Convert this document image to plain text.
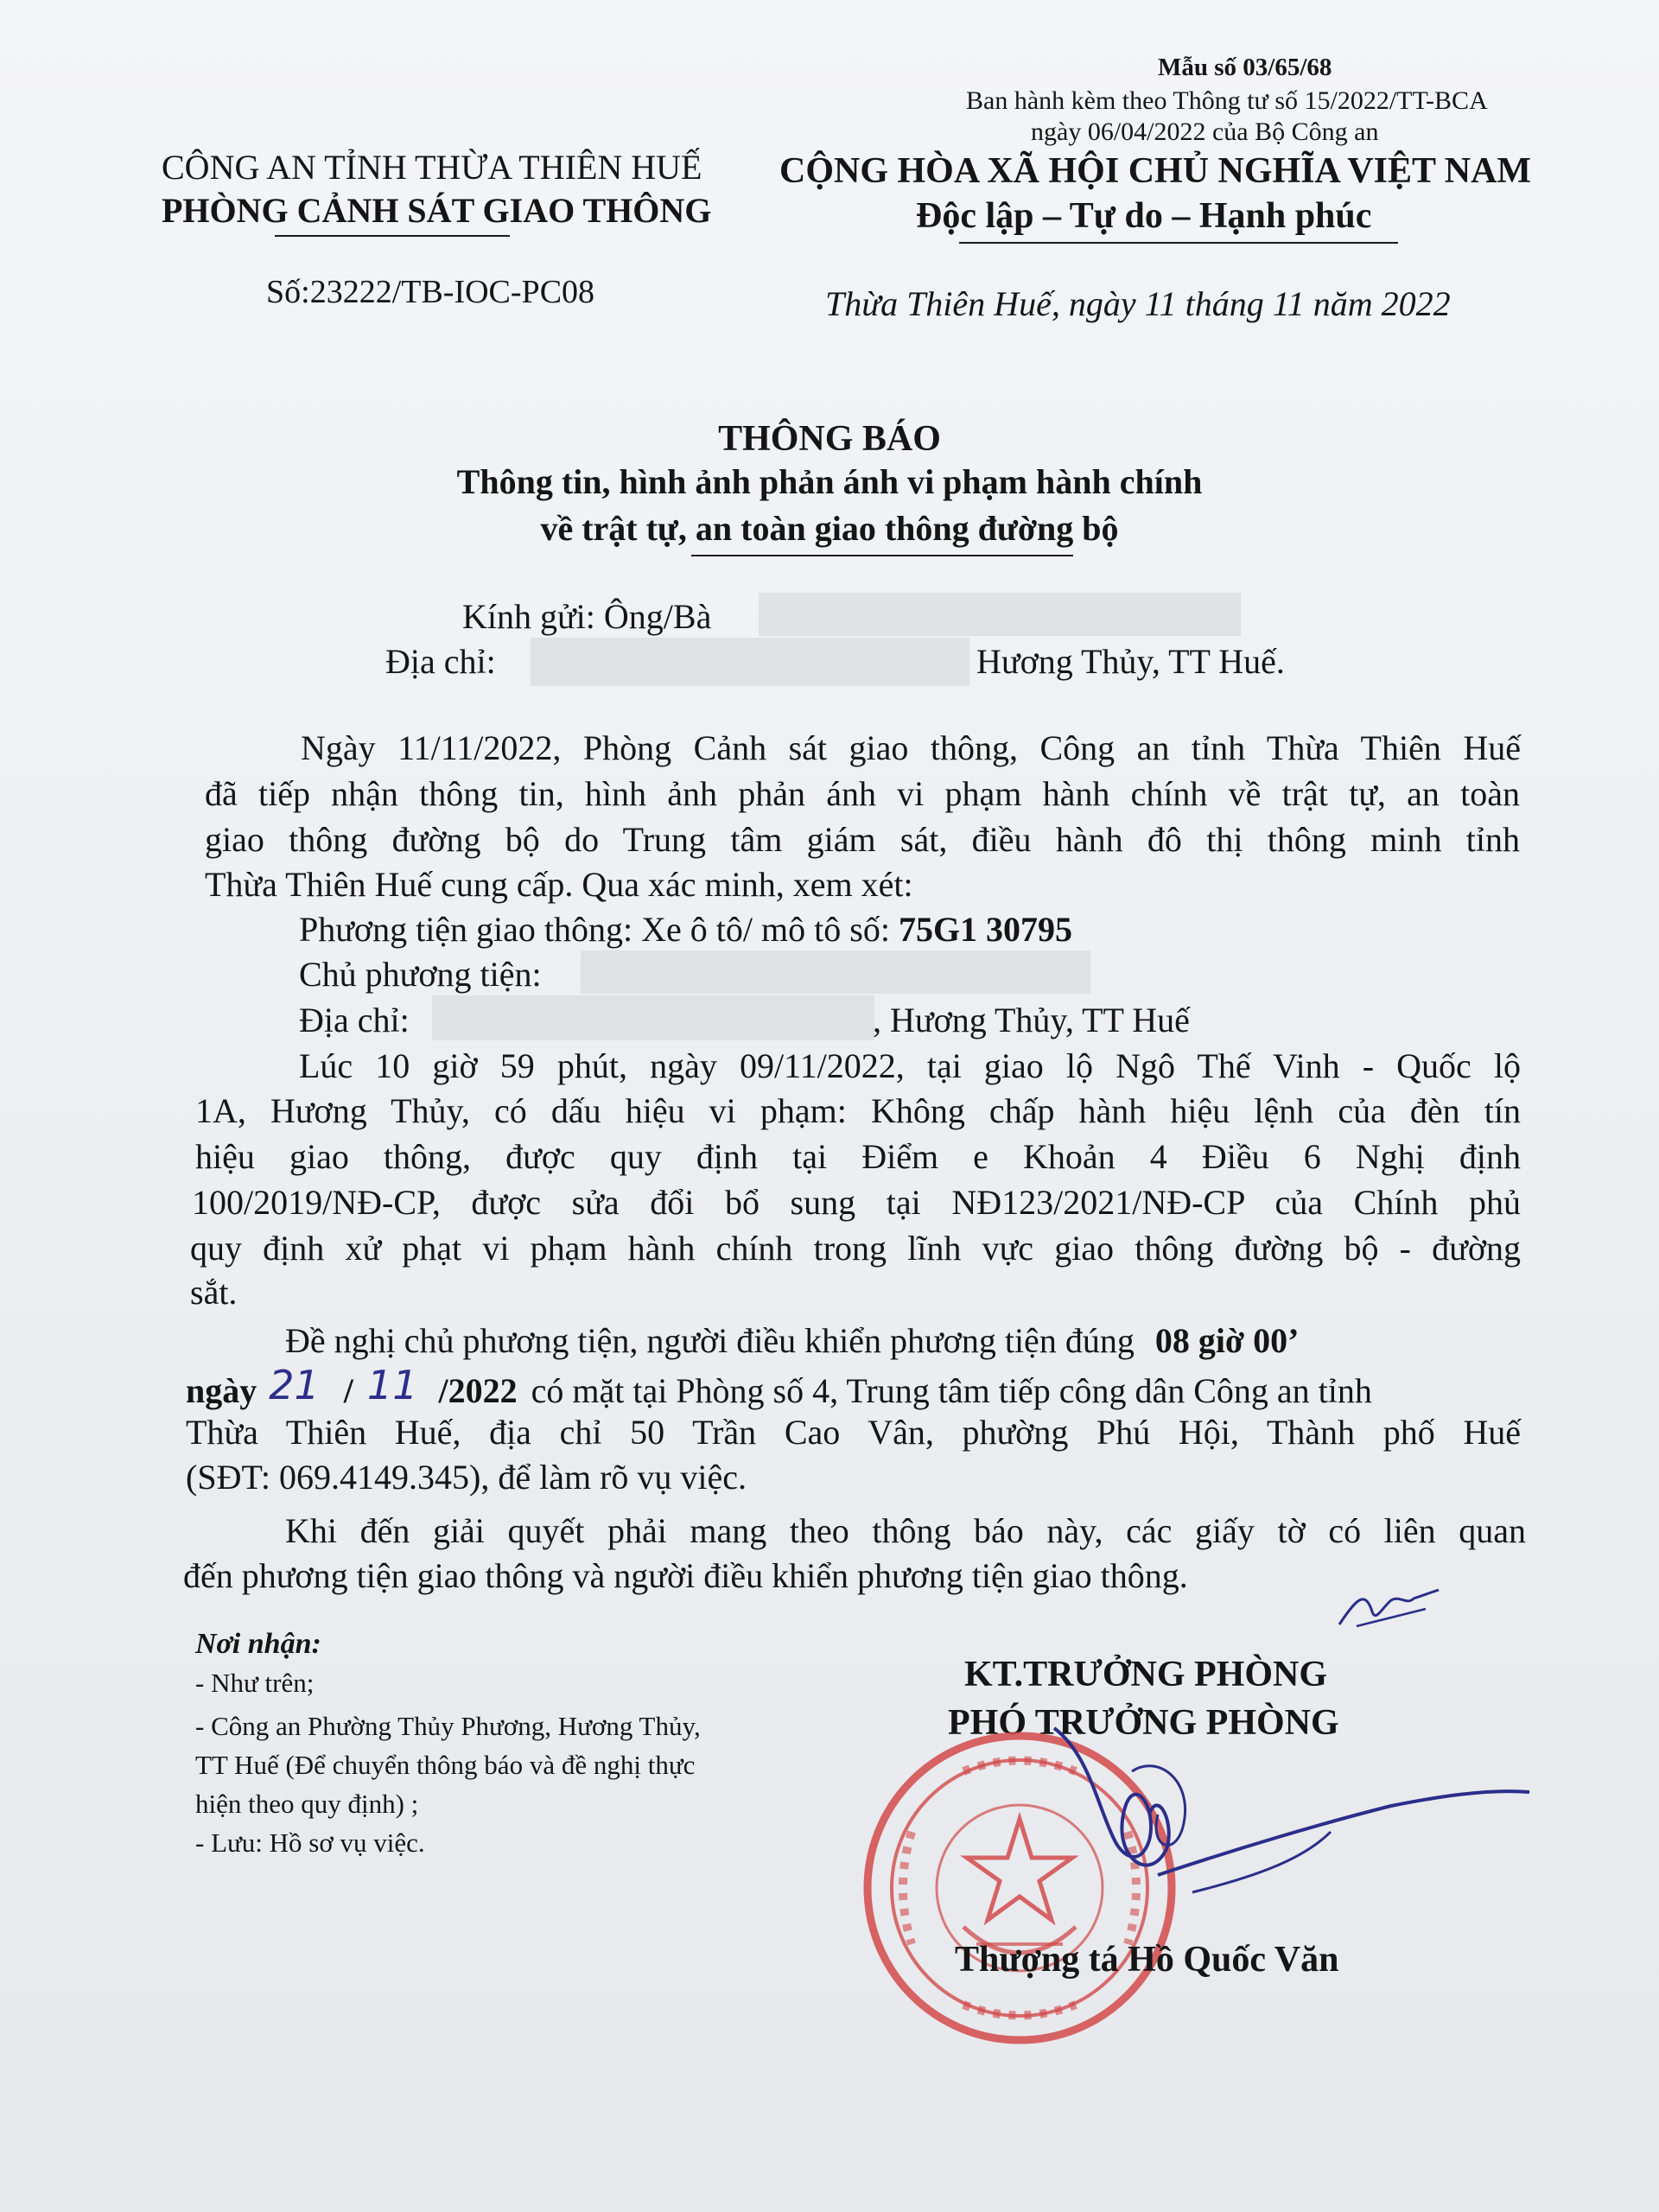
Mẫu số 03/65/68
Ban hành kèm theo Thông tư số 15/2022/TT-BCA
ngày 06/04/2022 của Bộ Công an
CÔNG AN TỈNH THỪA THIÊN HUẾ
PHÒNG CẢNH SÁT GIAO THÔNG
CỘNG HÒA XÃ HỘI CHỦ NGHĨA VIỆT NAM
Độc lập – Tự do – Hạnh phúc
Số:23222/TB-IOC-PC08	Thừa Thiên Huế, ngày 11 tháng 11 năm 2022
THÔNG BÁO
Thông tin, hình ảnh phản ánh vi phạm hành chính
về trật tự, an toàn giao thông đường bộ
Kính gửi: Ông/Bà
Địa chỉ:	Hương Thủy, TT Huế.
Ngày 11/11/2022, Phòng Cảnh sát giao thông, Công an tỉnh Thừa Thiên Huế
đã tiếp nhận thông tin, hình ảnh phản ánh vi phạm hành chính về trật tự, an toàn
giao thông đường bộ do Trung tâm giám sát, điều hành đô thị thông minh tỉnh
Thừa Thiên Huế cung cấp. Qua xác minh, xem xét:
Phương tiện giao thông: Xe ô tô/ mô tô số: 75G1 30795
Chủ phương tiện:
Địa chỉ:	, Hương Thủy, TT Huế
Lúc 10 giờ 59 phút, ngày 09/11/2022, tại giao lộ Ngô Thế Vinh - Quốc lộ
1A, Hương Thủy, có dấu hiệu vi phạm: Không chấp hành hiệu lệnh của đèn tín
hiệu giao thông, được quy định tại Điểm e Khoản 4 Điều 6 Nghị định
100/2019/NĐ-CP, được sửa đổi bổ sung tại NĐ123/2021/NĐ-CP của Chính phủ
quy định xử phạt vi phạm hành chính trong lĩnh vực giao thông đường bộ - đường
sắt.
Đề nghị chủ phương tiện, người điều khiển phương tiện đúng 08 giờ 00’
ngày 21 / 11 /2022 có mặt tại Phòng số 4, Trung tâm tiếp công dân Công an tỉnh
Thừa Thiên Huế, địa chỉ 50 Trần Cao Vân, phường Phú Hội, Thành phố Huế
(SĐT: 069.4149.345), để làm rõ vụ việc.
Khi đến giải quyết phải mang theo thông báo này, các giấy tờ có liên quan
đến phương tiện giao thông và người điều khiển phương tiện giao thông.
Nơi nhận:
- Như trên;
- Công an Phường Thủy Phương, Hương Thủy,
TT Huế (Để chuyển thông báo và đề nghị thực
hiện theo quy định) ;
- Lưu: Hồ sơ vụ việc.
KT.TRƯỞNG PHÒNG
PHÓ TRƯỞNG PHÒNG
Thượng tá Hồ Quốc Văn
